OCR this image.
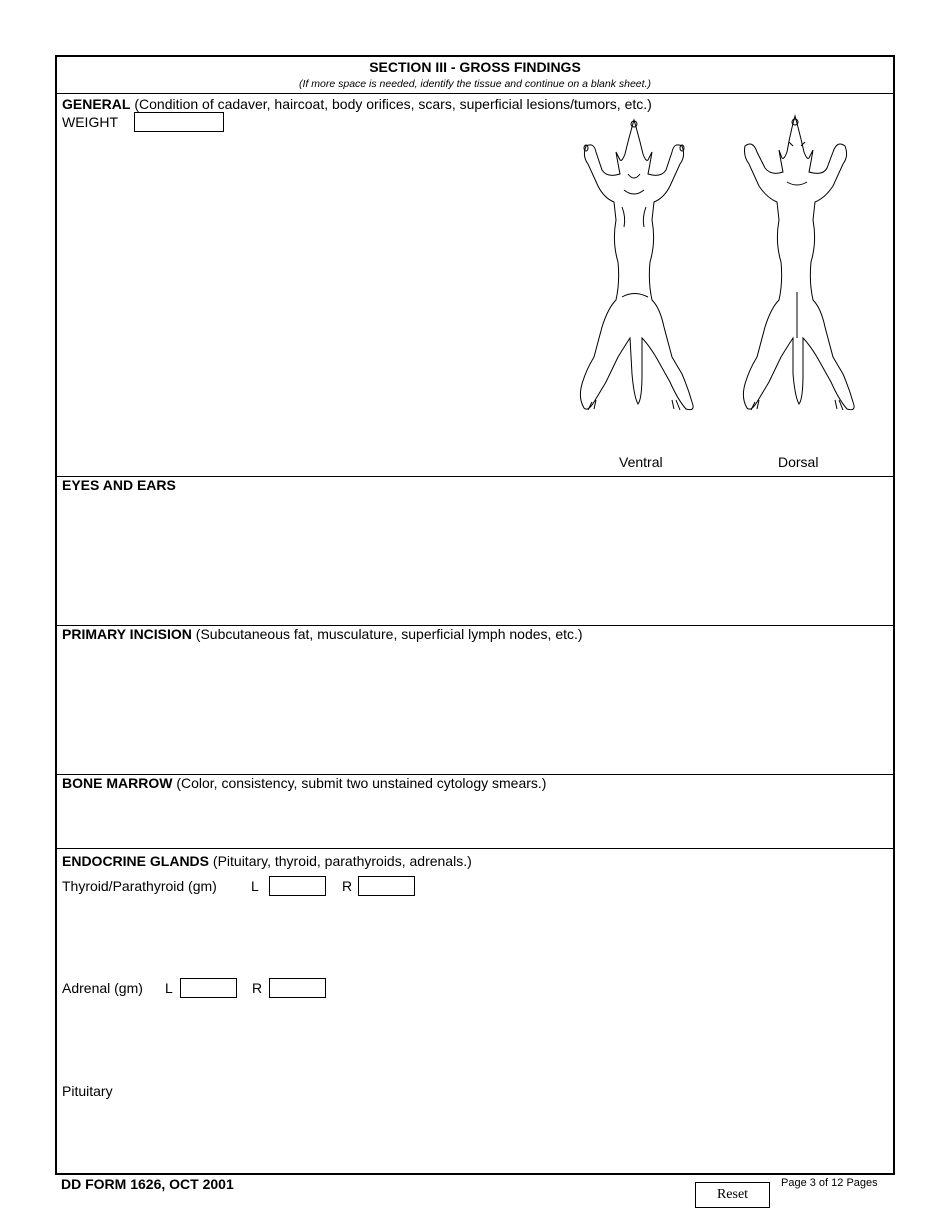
SECTION III - GROSS FINDINGS
(If more space is needed, identify the tissue and continue on a blank sheet.)
GENERAL (Condition of cadaver, haircoat, body orifices, scars, superficial lesions/tumors, etc.)
WEIGHT
Ventral	Dorsal
EYES AND EARS
PRIMARY INCISION (Subcutaneous fat, musculature, superficial lymph nodes, etc.)
BONE MARROW (Color, consistency, submit two unstained cytology smears.)
ENDOCRINE GLANDS (Pituitary, thyroid, parathyroids, adrenals.)
Thyroid/Parathyroid (gm) L	R
Adrenal (gm) L	R
Pituitary
DD FORM 1626, OCT 2001	Page 3 of 12 Pages
Reset
